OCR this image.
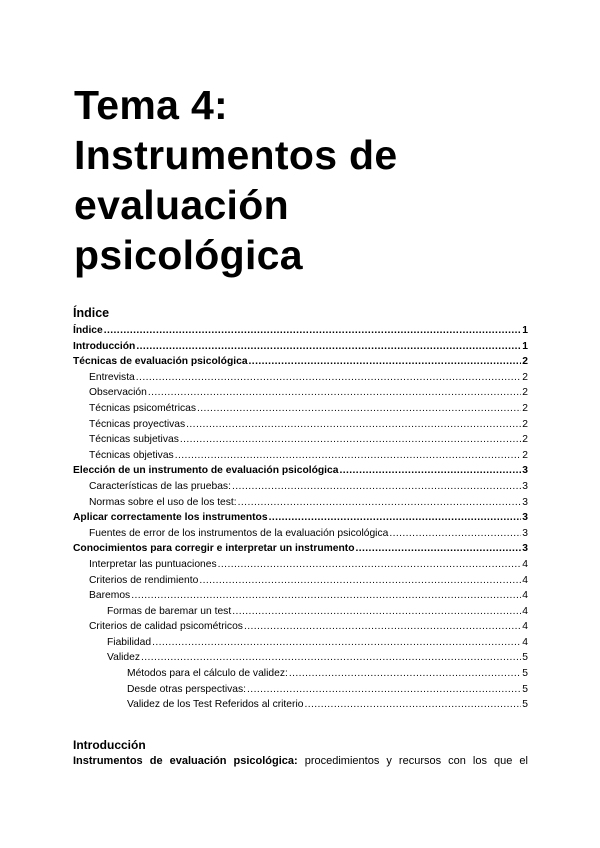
Tema 4:
Instrumentos de
evaluación
psicológica
Índice
Índice .....	1
Introducción .....	1
Técnicas de evaluación psicológica .....	2
Entrevista .....	2
Observación .....	2
Técnicas psicométricas .....	2
Técnicas proyectivas .....	2
Técnicas subjetivas .....	2
Técnicas objetivas .....	2
Elección de un instrumento de evaluación psicológica .....	3
Características de las pruebas: .....	3
Normas sobre el uso de los test: .....	3
Aplicar correctamente los instrumentos .....	3
Fuentes de error de los instrumentos de la evaluación psicológica .....	3
Conocimientos para corregir e interpretar un instrumento .....	3
Interpretar las puntuaciones .....	4
Criterios de rendimiento .....	4
Baremos .....	4
Formas de baremar un test .....	4
Criterios de calidad psicométricos .....	4
Fiabilidad .....	4
Validez .....	5
Métodos para el cálculo de validez: .....	5
Desde otras perspectivas: .....	5
Validez de los Test Referidos al criterio .....	5
Introducción
Instrumentos de evaluación psicológica: procedimientos y recursos con los que el
